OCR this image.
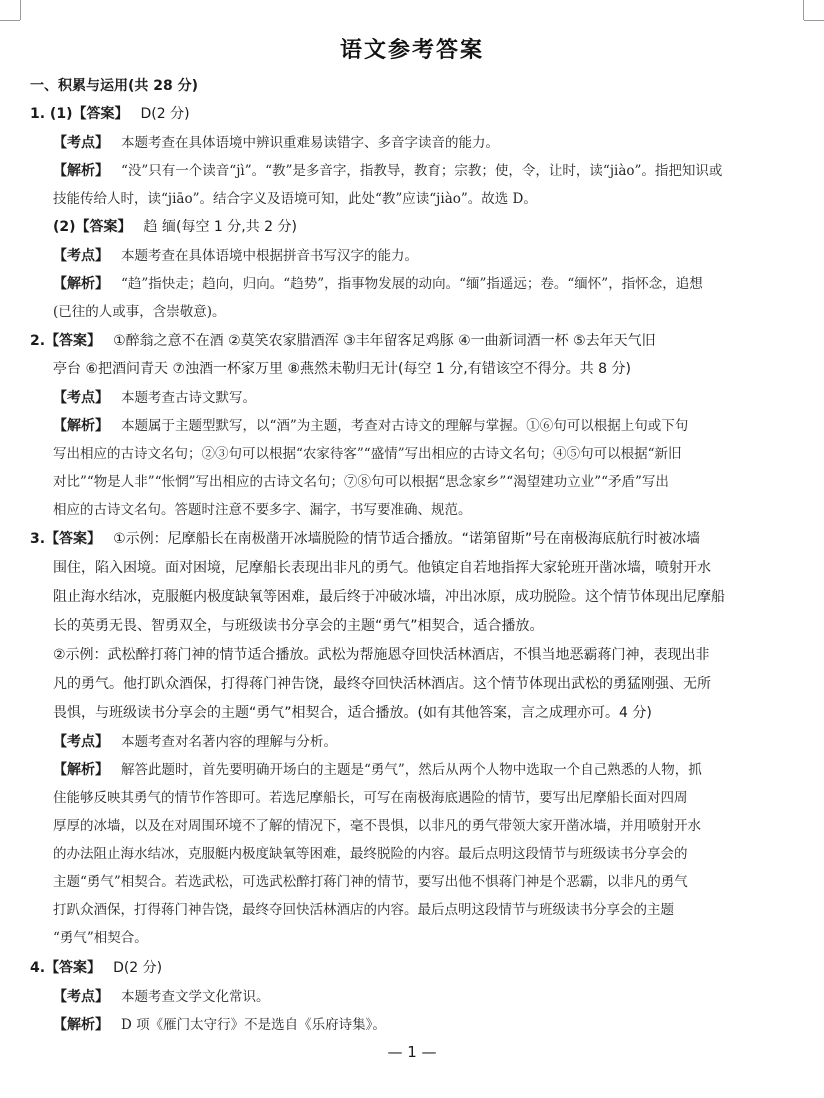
语文参考答案
一、积累与运用(共 28 分)
1. (1)【答案】 D(2 分)
【考点】 本题考查在具体语境中辨识重难易读错字、多音字读音的能力。
【解析】 “没”只有一个读音“jì”。“教”是多音字，指教导，教育；宗教；使，令，让时，读“jiào”。指把知识或
技能传给人时，读“jiāo”。结合字义及语境可知，此处“教”应读“jiào”。故选 D。
(2)【答案】 趋 缅(每空 1 分,共 2 分)
【考点】 本题考查在具体语境中根据拼音书写汉字的能力。
【解析】 “趋”指快走；趋向，归向。“趋势”，指事物发展的动向。“缅”指遥远；卷。“缅怀”，指怀念，追想
(已往的人或事，含崇敬意)。
2.【答案】 ①醉翁之意不在酒 ②莫笑农家腊酒浑 ③丰年留客足鸡豚 ④一曲新词酒一杯 ⑤去年天气旧
亭台 ⑥把酒问青天 ⑦浊酒一杯家万里 ⑧燕然未勒归无计(每空 1 分,有错该空不得分。共 8 分)
【考点】 本题考查古诗文默写。
【解析】 本题属于主题型默写，以“酒”为主题，考查对古诗文的理解与掌握。①⑥句可以根据上句或下句
写出相应的古诗文名句；②③句可以根据“农家待客”“盛情”写出相应的古诗文名句；④⑤句可以根据“新旧
对比”“物是人非”“怅惘”写出相应的古诗文名句；⑦⑧句可以根据“思念家乡”“渴望建功立业”“矛盾”写出
相应的古诗文名句。答题时注意不要多字、漏字，书写要准确、规范。
3.【答案】 ①示例：尼摩船长在南极凿开冰墙脱险的情节适合播放。“诺第留斯”号在南极海底航行时被冰墙
围住，陷入困境。面对困境，尼摩船长表现出非凡的勇气。他镇定自若地指挥大家轮班开凿冰墙，喷射开水
阻止海水结冰，克服艇内极度缺氧等困难，最后终于冲破冰墙，冲出冰原，成功脱险。这个情节体现出尼摩船
长的英勇无畏、智勇双全，与班级读书分享会的主题“勇气”相契合，适合播放。
②示例：武松醉打蒋门神的情节适合播放。武松为帮施恩夺回快活林酒店，不惧当地恶霸蒋门神，表现出非
凡的勇气。他打趴众酒保，打得蒋门神告饶，最终夺回快活林酒店。这个情节体现出武松的勇猛刚强、无所
畏惧，与班级读书分享会的主题“勇气”相契合，适合播放。(如有其他答案，言之成理亦可。4 分)
【考点】 本题考查对名著内容的理解与分析。
【解析】 解答此题时，首先要明确开场白的主题是“勇气”，然后从两个人物中选取一个自己熟悉的人物，抓
住能够反映其勇气的情节作答即可。若选尼摩船长，可写在南极海底遇险的情节，要写出尼摩船长面对四周
厚厚的冰墙，以及在对周围环境不了解的情况下，毫不畏惧，以非凡的勇气带领大家开凿冰墙，并用喷射开水
的办法阻止海水结冰，克服艇内极度缺氧等困难，最终脱险的内容。最后点明这段情节与班级读书分享会的
主题“勇气”相契合。若选武松，可选武松醉打蒋门神的情节，要写出他不惧蒋门神是个恶霸，以非凡的勇气
打趴众酒保，打得蒋门神告饶，最终夺回快活林酒店的内容。最后点明这段情节与班级读书分享会的主题
“勇气”相契合。
4.【答案】 D(2 分)
【考点】 本题考查文学文化常识。
【解析】 D 项《雁门太守行》不是选自《乐府诗集》。
— 1 —
